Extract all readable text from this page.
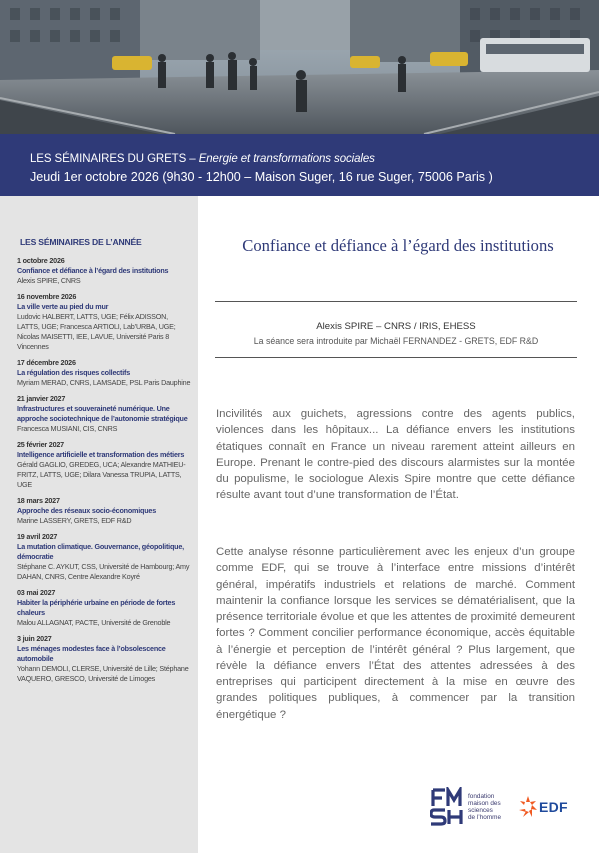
LES SÉMINAIRES DU GRETS – Energie et transformations sociales
Jeudi 1er octobre 2026 (9h30 - 12h00 – Maison Suger, 16 rue Suger, 75006 Paris )
LES SÉMINAIRES DE L’ANNÉE
1 octobre 2026
Confiance et défiance à l’égard des institutions
Alexis SPIRE, CNRS
16 novembre 2026
La ville verte au pied du mur
Ludovic HALBERT, LATTS, UGE; Félix ADISSON, LATTS, UGE; Francesca ARTIOLI, Lab’URBA, UGE; Nicolas MAISETTI, IEE, LAVUE, Université Paris 8 Vincennes
17 décembre 2026
La régulation des risques collectifs
Myriam MERAD, CNRS, LAMSADE, PSL Paris Dauphine
21 janvier 2027
Infrastructures et souveraineté numérique. Une approche sociotechnique de l’autonomie stratégique
Francesca MUSIANI, CIS, CNRS
25 février 2027
Intelligence artificielle et transformation des métiers
Gérald GAGLIO, GREDEG, UCA; Alexandre MATHIEU-FRITZ, LATTS, UGE; Dilara Vanessa TRUPIA, LATTS, UGE
18 mars 2027
Approche des réseaux socio-économiques
Marine LASSERY, GRETS, EDF R&D
19 avril 2027
La mutation climatique. Gouvernance, géopolitique, démocratie
Stéphane C. AYKUT, CSS, Université de Hambourg; Amy DAHAN, CNRS, Centre Alexandre Koyré
03 mai 2027
Habiter la périphérie urbaine en période de fortes chaleurs
Malou ALLAGNAT, PACTE, Université de Grenoble
3 juin 2027
Les ménages modestes face à l’obsolescence automobile
Yohann DEMOLI, CLERSE, Université de Lille; Stéphane VAQUERO, GRESCO, Université de Limoges
Confiance et défiance à l’égard des institutions
Alexis SPIRE – CNRS / IRIS, EHESS
La séance sera introduite par Michaël FERNANDEZ - GRETS, EDF R&D
Incivilités aux guichets, agressions contre des agents publics, violences dans les hôpitaux... La défiance envers les institutions étatiques connaît en France un niveau rarement atteint ailleurs en Europe. Prenant le contre-pied des discours alarmistes sur la montée du populisme, le sociologue Alexis Spire montre que cette défiance résulte avant tout d’une transformation de l’État.
Cette analyse résonne particulièrement avec les enjeux d’un groupe comme EDF, qui se trouve à l’interface entre missions d’intérêt général, impératifs industriels et relations de marché. Comment maintenir la confiance lorsque les services se dématérialisent, que la présence territoriale évolue et que les attentes de proximité demeurent fortes ? Comment concilier performance économique, accès équitable à l’énergie et perception de l’intérêt général ? Plus largement, que révèle la défiance envers l’État des attentes adressées à des entreprises qui participent directement à la mise en œuvre des grandes politiques publiques, à commencer par la transition énergétique ?
fondation
maison des
sciences
de l’homme
EDF
